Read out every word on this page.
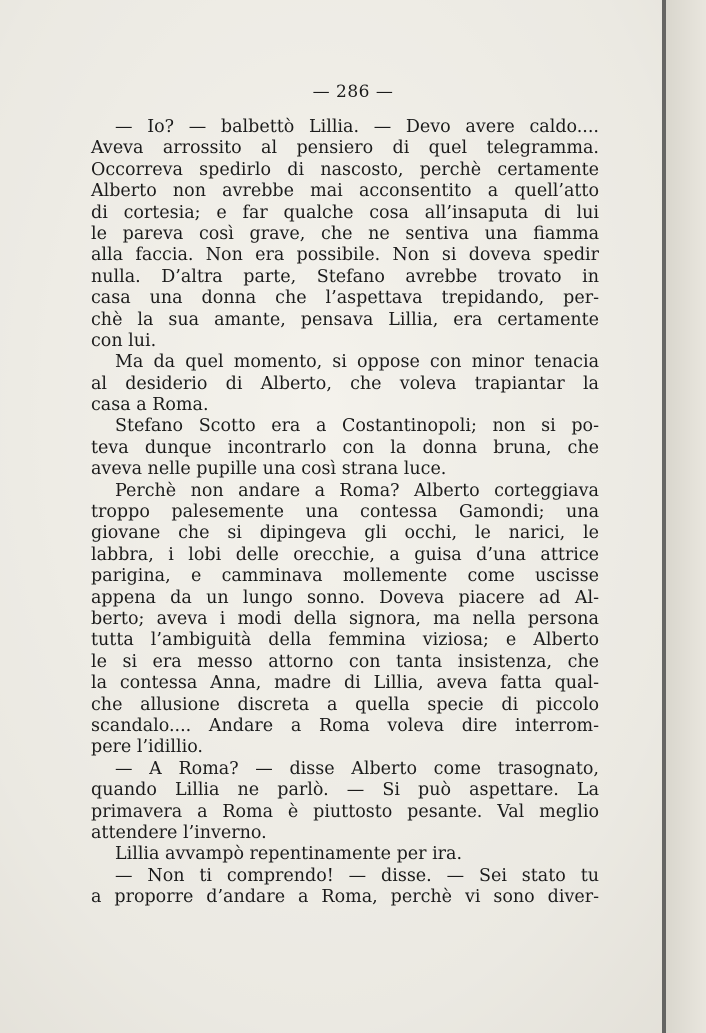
— 286 —
— Io? — balbettò Lillia. — Devo avere caldo....
Aveva arrossito al pensiero di quel telegramma.
Occorreva spedirlo di nascosto, perchè certamente
Alberto non avrebbe mai acconsentito a quell’atto
di cortesia; e far qualche cosa all’insaputa di lui
le pareva così grave, che ne sentiva una fiamma
alla faccia. Non era possibile. Non si doveva spedir
nulla. D’altra parte, Stefano avrebbe trovato in
casa una donna che l’aspettava trepidando, per-
chè la sua amante, pensava Lillia, era certamente
con lui.
Ma da quel momento, si oppose con minor tenacia
al desiderio di Alberto, che voleva trapiantar la
casa a Roma.
Stefano Scotto era a Costantinopoli; non si po-
teva dunque incontrarlo con la donna bruna, che
aveva nelle pupille una così strana luce.
Perchè non andare a Roma? Alberto corteggiava
troppo palesemente una contessa Gamondi; una
giovane che si dipingeva gli occhi, le narici, le
labbra, i lobi delle orecchie, a guisa d’una attrice
parigina, e camminava mollemente come uscisse
appena da un lungo sonno. Doveva piacere ad Al-
berto; aveva i modi della signora, ma nella persona
tutta l’ambiguità della femmina viziosa; e Alberto
le si era messo attorno con tanta insistenza, che
la contessa Anna, madre di Lillia, aveva fatta qual-
che allusione discreta a quella specie di piccolo
scandalo.... Andare a Roma voleva dire interrom-
pere l’idillio.
— A Roma? — disse Alberto come trasognato,
quando Lillia ne parlò. — Si può aspettare. La
primavera a Roma è piuttosto pesante. Val meglio
attendere l’inverno.
Lillia avvampò repentinamente per ira.
— Non ti comprendo! — disse. — Sei stato tu
a proporre d’andare a Roma, perchè vi sono diver-
